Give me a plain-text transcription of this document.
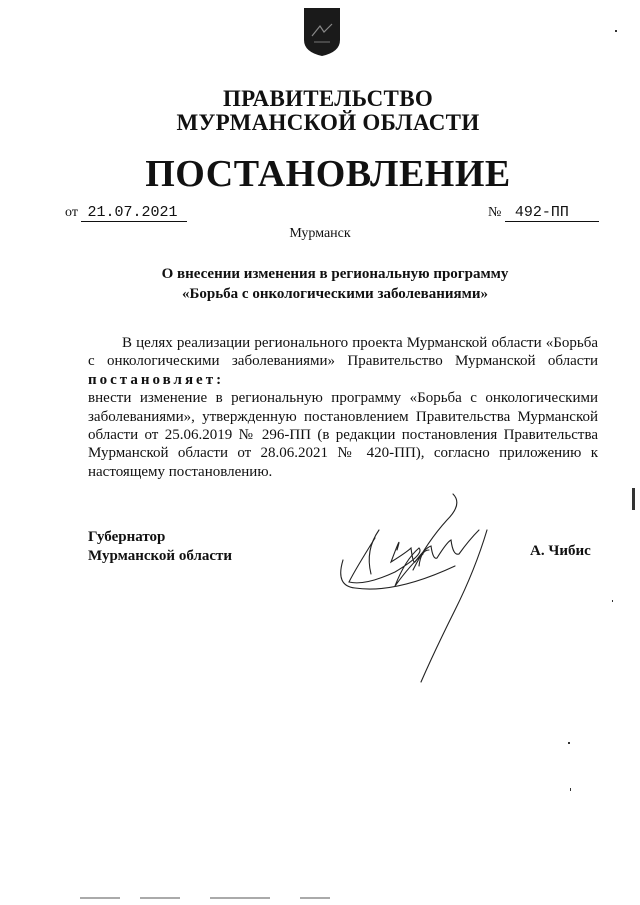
ПРАВИТЕЛЬСТВО
МУРМАНСКОЙ ОБЛАСТИ
ПОСТАНОВЛЕНИЕ
от 21.07.2021	№ 492-ПП
Мурманск
О внесении изменения в региональную программу
«Борьба с онкологическими заболеваниями»

В целях реализации регионального проекта Мурманской области «Борьба с онкологическими заболеваниями» Правительство Мурманской области постановляет:

внести изменение в региональную программу «Борьба с онкологическими заболеваниями», утвержденную постановлением Правительства Мурманской области от 25.06.2019 № 296-ПП (в редакции постановления Правительства Мурманской области от 28.06.2021 № 420-ПП), согласно приложению к настоящему постановлению.

Губернатор
Мурманской области	А. Чибис
